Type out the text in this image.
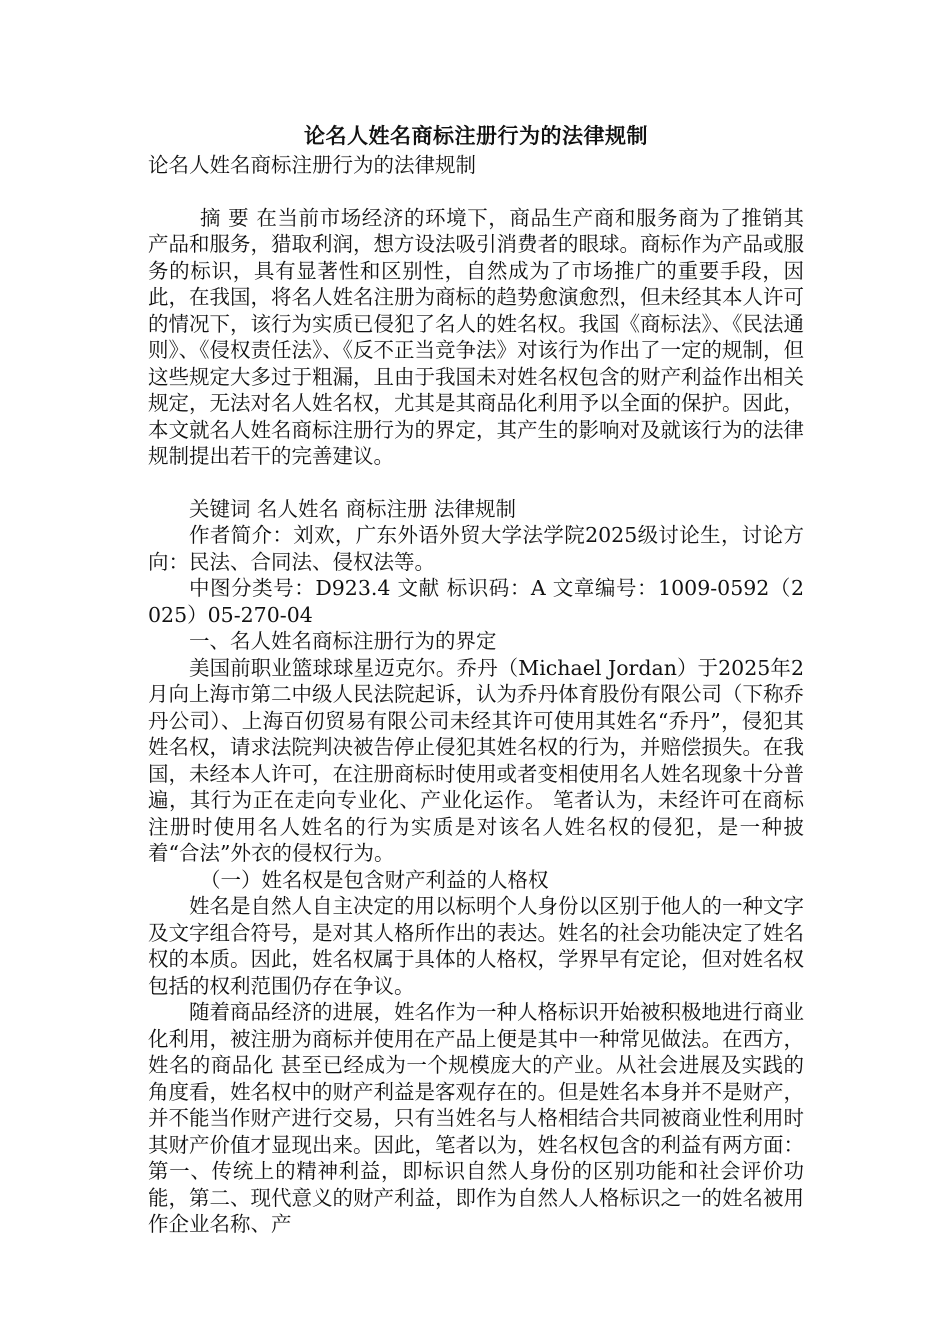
论名人姓名商标注册行为的法律规制

论名人姓名商标注册行为的法律规制

摘 要 在当前市场经济的环境下，商品生产商和服务商为了推销其产品和服务，猎取利润，想方设法吸引消费者的眼球。商标作为产品或服务的标识，具有显著性和区别性，自然成为了市场推广的重要手段，因此，在我国，将名人姓名注册为商标的趋势愈演愈烈，但未经其本人许可的情况下，该行为实质已侵犯了名人的姓名权。我国《商标法》、《民法通则》、《侵权责任法》、《反不正当竞争法》对该行为作出了一定的规制，但这些规定大多过于粗漏，且由于我国未对姓名权包含的财产利益作出相关规定，无法对名人姓名权，尤其是其商品化利用予以全面的保护。因此，本文就名人姓名商标注册行为的界定，其产生的影响对及就该行为的法律规制提出若干的完善建议。

关键词 名人姓名 商标注册 法律规制

作者简介：刘欢，广东外语外贸大学法学院2025级讨论生，讨论方向：民法、合同法、侵权法等。

中图分类号：D923.4 文献 标识码：A 文章编号：1009-0592（2025）05-270-04

一、名人姓名商标注册行为的界定

美国前职业篮球球星迈克尔。乔丹（Michael Jordan）于2025年2月向上海市第二中级人民法院起诉，认为乔丹体育股份有限公司（下称乔丹公司）、上海百仞贸易有限公司未经其许可使用其姓名“乔丹”，侵犯其姓名权，请求法院判决被告停止侵犯其姓名权的行为，并赔偿损失。在我国，未经本人许可，在注册商标时使用或者变相使用名人姓名现象十分普遍，其行为正在走向专业化、产业化运作。 笔者认为，未经许可在商标注册时使用名人姓名的行为实质是对该名人姓名权的侵犯，是一种披着“合法”外衣的侵权行为。

（一）姓名权是包含财产利益的人格权

姓名是自然人自主决定的用以标明个人身份以区别于他人的一种文字及文字组合符号，是对其人格所作出的表达。姓名的社会功能决定了姓名权的本质。因此，姓名权属于具体的人格权，学界早有定论，但对姓名权包括的权利范围仍存在争议。

随着商品经济的进展，姓名作为一种人格标识开始被积极地进行商业化利用，被注册为商标并使用在产品上便是其中一种常见做法。在西方， 姓名的商品化 甚至已经成为一个规模庞大的产业。从社会进展及实践的角度看，姓名权中的财产利益是客观存在的。但是姓名本身并不是财产，并不能当作财产进行交易，只有当姓名与人格相结合共同被商业性利用时其财产价值才显现出来。因此，笔者以为，姓名权包含的利益有两方面：第一、传统上的精神利益，即标识自然人身份的区别功能和社会评价功能，第二、现代意义的财产利益，即作为自然人人格标识之一的姓名被用作企业名称、产
